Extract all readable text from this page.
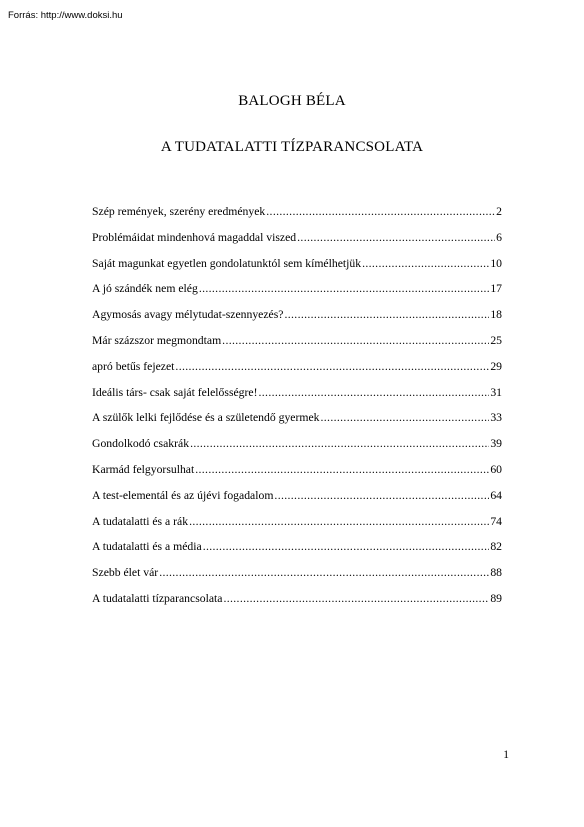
Forrás: http://www.doksi.hu
BALOGH BÉLA
A TUDATALATTI TÍZPARANCSOLATA
Szép remények, szerény eredmények .....	2
Problémáidat mindenhová magaddal viszed .....	6
Saját magunkat egyetlen gondolatunktól sem kímélhetjük .....	10
A jó szándék nem elég .....	17
Agymosás avagy mélytudat-szennyezés? .....	18
Már százszor megmondtam .....	25
apró betűs fejezet .....	29
Ideális társ- csak saját felelősségre! .....	31
A szülők lelki fejlődése és a születendő gyermek .....	33
Gondolkodó csakrák .....	39
Karmád felgyorsulhat .....	60
A test-elementál és az újévi fogadalom .....	64
A tudatalatti és a rák .....	74
A tudatalatti és a média .....	82
Szebb élet vár .....	88
A tudatalatti tízparancsolata .....	89
1
